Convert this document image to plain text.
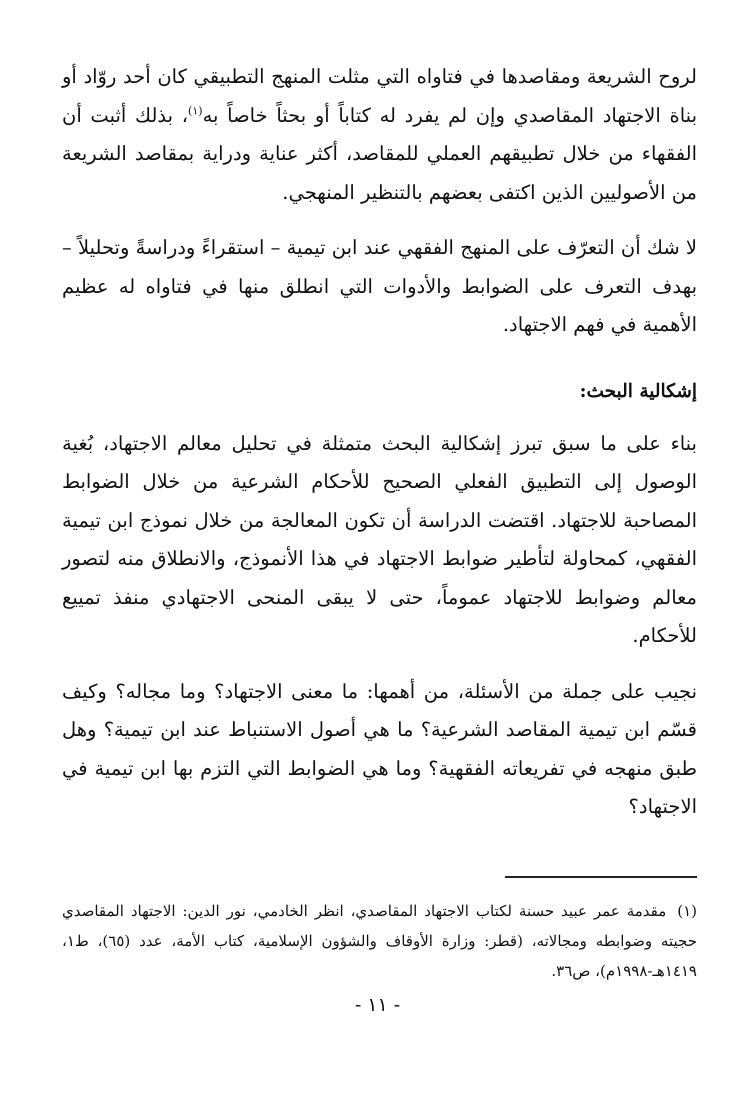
لروح الشريعة ومقاصدها في فتاواه التي مثلت المنهج التطبيقي كان أحد روّاد أو بناة الاجتهاد المقاصدي وإن لم يفرد له كتاباً أو بحثاً خاصاً به$^{(١)}$، بذلك أثبت أن الفقهاء من خلال تطبيقهم العملي للمقاصد، أكثر عناية ودراية بمقاصد الشريعة من الأصوليين الذين اكتفى بعضهم بالتنظير المنهجي.

لا شك أن التعرّف على المنهج الفقهي عند ابن تيمية – استقراءً ودراسةً وتحليلاً – بهدف التعرف على الضوابط والأدوات التي انطلق منها في فتاواه له عظيم الأهمية في فهم الاجتهاد.

إشكالية البحث:

بناء على ما سبق تبرز إشكالية البحث متمثلة في تحليل معالم الاجتهاد، بُغية الوصول إلى التطبيق الفعلي الصحيح للأحكام الشرعية من خلال الضوابط المصاحبة للاجتهاد. اقتضت الدراسة أن تكون المعالجة من خلال نموذج ابن تيمية الفقهي، كمحاولة لتأطير ضوابط الاجتهاد في هذا الأنموذج، والانطلاق منه لتصور معالم وضوابط للاجتهاد عموماً، حتى لا يبقى المنحى الاجتهادي منفذ تمييع للأحكام.

نجيب على جملة من الأسئلة، من أهمها: ما معنى الاجتهاد؟ وما مجاله؟ وكيف قسّم ابن تيمية المقاصد الشرعية؟ ما هي أصول الاستنباط عند ابن تيمية؟ وهل طبق منهجه في تفريعاته الفقهية؟ وما هي الضوابط التي التزم بها ابن تيمية في الاجتهاد؟

(١) مقدمة عمر عبيد حسنة لكتاب الاجتهاد المقاصدي، انظر الخادمي، نور الدين: الاجتهاد المقاصدي حجيته وضوابطه ومجالاته، (قطر: وزارة الأوقاف والشؤون الإسلامية، كتاب الأمة، عدد (٦٥)، ط١، ١٤١٩هـ-١٩٩٨م)، ص٣٦.
- ١١ -
